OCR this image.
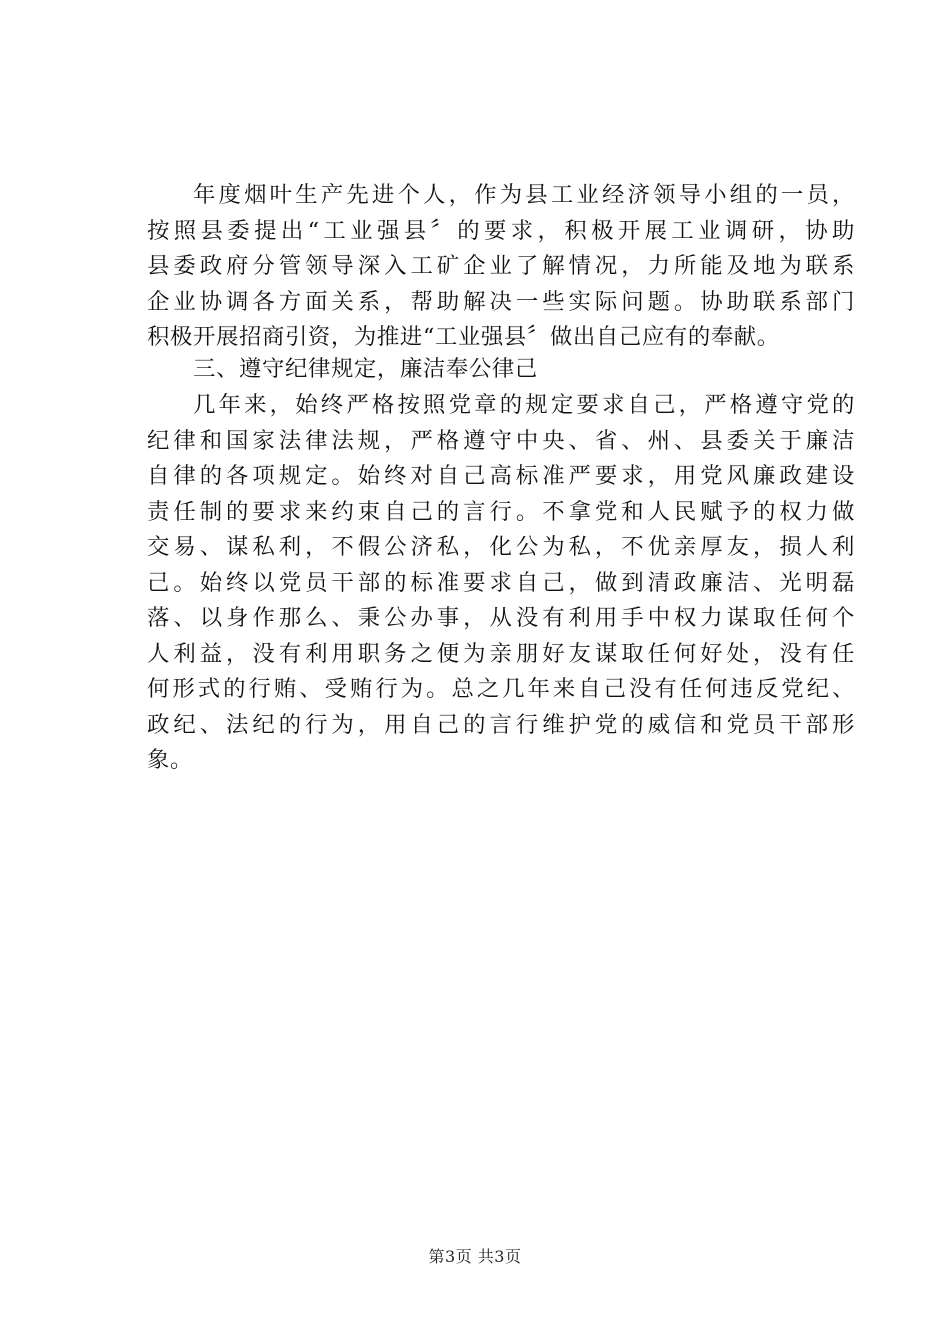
年度烟叶生产先进个人，作为县工业经济领导小组的一员，
按照县委提出“工业强县〞的要求，积极开展工业调研，协助
县委政府分管领导深入工矿企业了解情况，力所能及地为联系
企业协调各方面关系，帮助解决一些实际问题。协助联系部门
积极开展招商引资，为推进“工业强县〞做出自己应有的奉献。
三、遵守纪律规定，廉洁奉公律己
几年来，始终严格按照党章的规定要求自己，严格遵守党的
纪律和国家法律法规，严格遵守中央、省、州、县委关于廉洁
自律的各项规定。始终对自己高标准严要求，用党风廉政建设
责任制的要求来约束自己的言行。不拿党和人民赋予的权力做
交易、谋私利，不假公济私，化公为私，不优亲厚友，损人利
己。始终以党员干部的标准要求自己，做到清政廉洁、光明磊
落、以身作那么、秉公办事，从没有利用手中权力谋取任何个
人利益，没有利用职务之便为亲朋好友谋取任何好处，没有任
何形式的行贿、受贿行为。总之几年来自己没有任何违反党纪、
政纪、法纪的行为，用自己的言行维护党的威信和党员干部形
象。
第3页 共3页
